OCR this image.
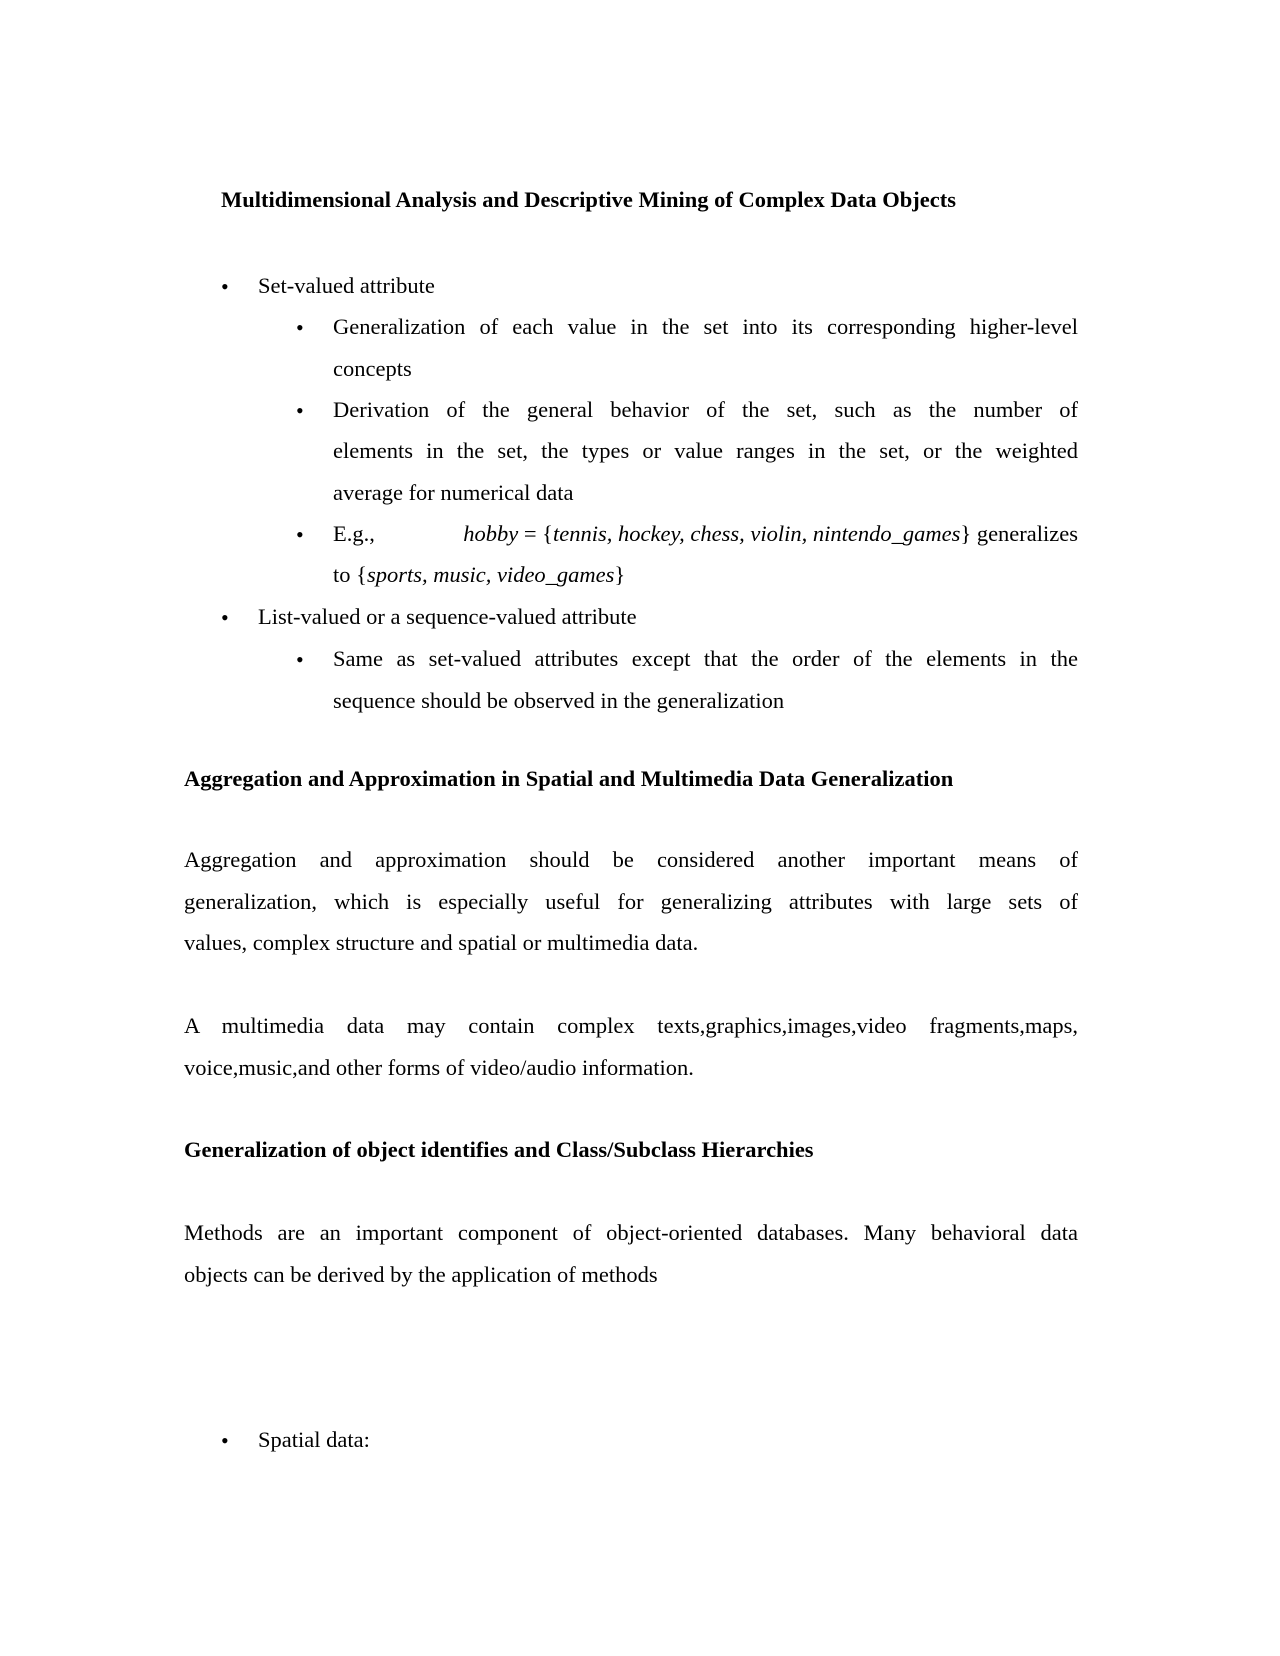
Multidimensional Analysis and Descriptive Mining of Complex Data Objects
• Set-valued attribute
• Generalization of each value in the set into its corresponding higher-level
concepts
• Derivation of the general behavior of the set, such as the number of
elements in the set, the types or value ranges in the set, or the weighted
average for numerical data
• E.g.,	hobby = {tennis, hockey, chess, violin, nintendo_games} generalizes
to {sports, music, video_games}
• List-valued or a sequence-valued attribute
• Same as set-valued attributes except that the order of the elements in the
sequence should be observed in the generalization
Aggregation and Approximation in Spatial and Multimedia Data Generalization
Aggregation and approximation should be considered another important means of
generalization, which is especially useful for generalizing attributes with large sets of
values, complex structure and spatial or multimedia data.
A multimedia data may contain complex texts,graphics,images,video fragments,maps,
voice,music,and other forms of video/audio information.
Generalization of object identifies and Class/Subclass Hierarchies
Methods are an important component of object-oriented databases. Many behavioral data
objects can be derived by the application of methods
• Spatial data:
